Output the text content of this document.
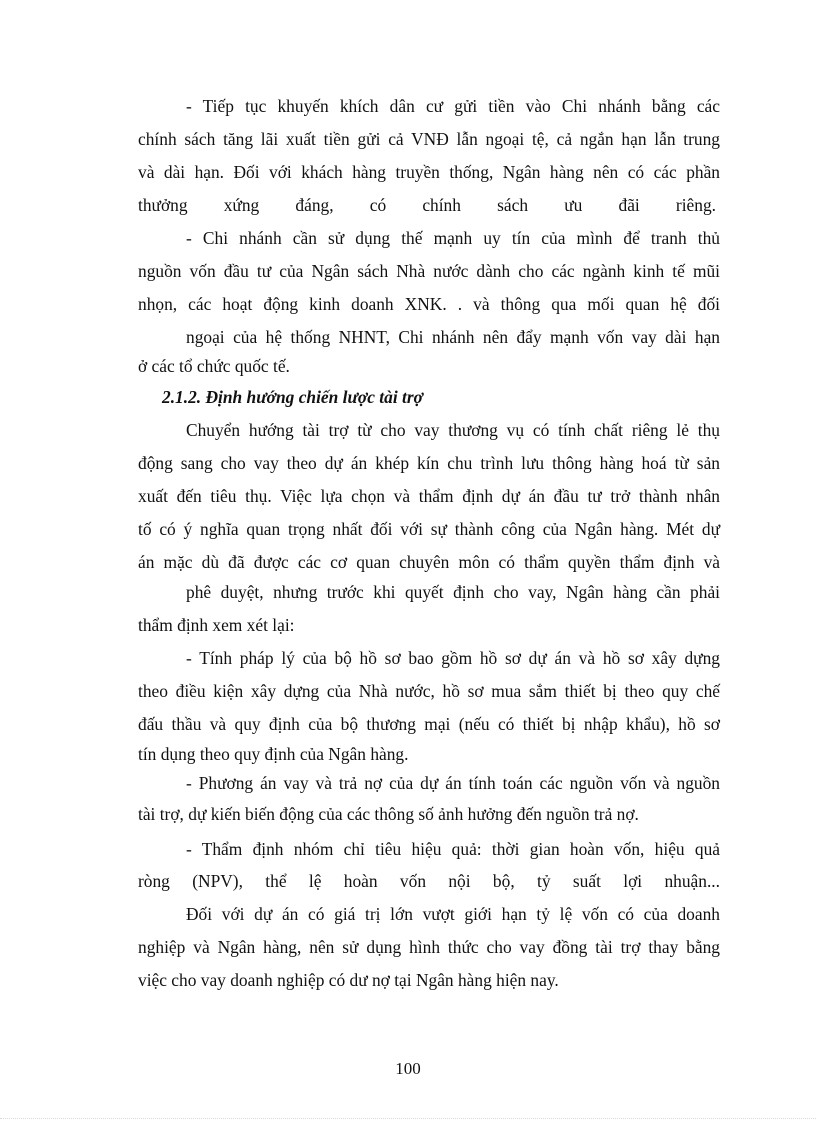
- Tiếp tục khuyến khích dân cư gửi tiền vào Chi nhánh bằng các
chính sách tăng lãi xuất tiền gửi cả VNĐ lẫn ngoại tệ, cả ngắn hạn lẫn trung
và dài hạn. Đối với khách hàng truyền thống, Ngân hàng nên có các phần
thưởng xứng đáng, có chính sách ưu đãi riêng.
- Chi nhánh cần sử dụng thế mạnh uy tín của mình để tranh thủ
nguồn vốn đầu tư của Ngân sách Nhà nước dành cho các ngành kinh tế mũi
nhọn, các hoạt động kinh doanh XNK. . và thông qua mối quan hệ đối
ngoại của hệ thống NHNT, Chi nhánh nên đẩy mạnh vốn vay dài hạn
ở các tổ chức quốc tế.
2.1.2. Định hướng chiến lược tài trợ
Chuyển hướng tài trợ từ cho vay thương vụ có tính chất riêng lẻ thụ
động sang cho vay theo dự án khép kín chu trình lưu thông hàng hoá từ sản
xuất đến tiêu thụ. Việc lựa chọn và thẩm định dự án đầu tư trở thành nhân
tố có ý nghĩa quan trọng nhất đối với sự thành công của Ngân hàng. Mét dự
án mặc dù đã được các cơ quan chuyên môn có thẩm quyền thẩm định và
phê duyệt, nhưng trước khi quyết định cho vay, Ngân hàng cần phải
thẩm định xem xét lại:
- Tính pháp lý của bộ hồ sơ bao gồm hồ sơ dự án và hồ sơ xây dựng
theo điều kiện xây dựng của Nhà nước, hồ sơ mua sắm thiết bị theo quy chế
đấu thầu và quy định của bộ thương mại (nếu có thiết bị nhập khẩu), hồ sơ
tín dụng theo quy định của Ngân hàng.
- Phương án vay và trả nợ của dự án tính toán các nguồn vốn và nguồn
tài trợ, dự kiến biến động của các thông số ảnh hưởng đến nguồn trả nợ.
- Thẩm định nhóm chỉ tiêu hiệu quả: thời gian hoàn vốn, hiệu quả
ròng (NPV), thể lệ hoàn vốn nội bộ, tỷ suất lợi nhuận...
Đối với dự án có giá trị lớn vượt giới hạn tỷ lệ vốn có của doanh
nghiệp và Ngân hàng, nên sử dụng hình thức cho vay đồng tài trợ thay bằng
việc cho vay doanh nghiệp có dư nợ tại Ngân hàng hiện nay.
100
